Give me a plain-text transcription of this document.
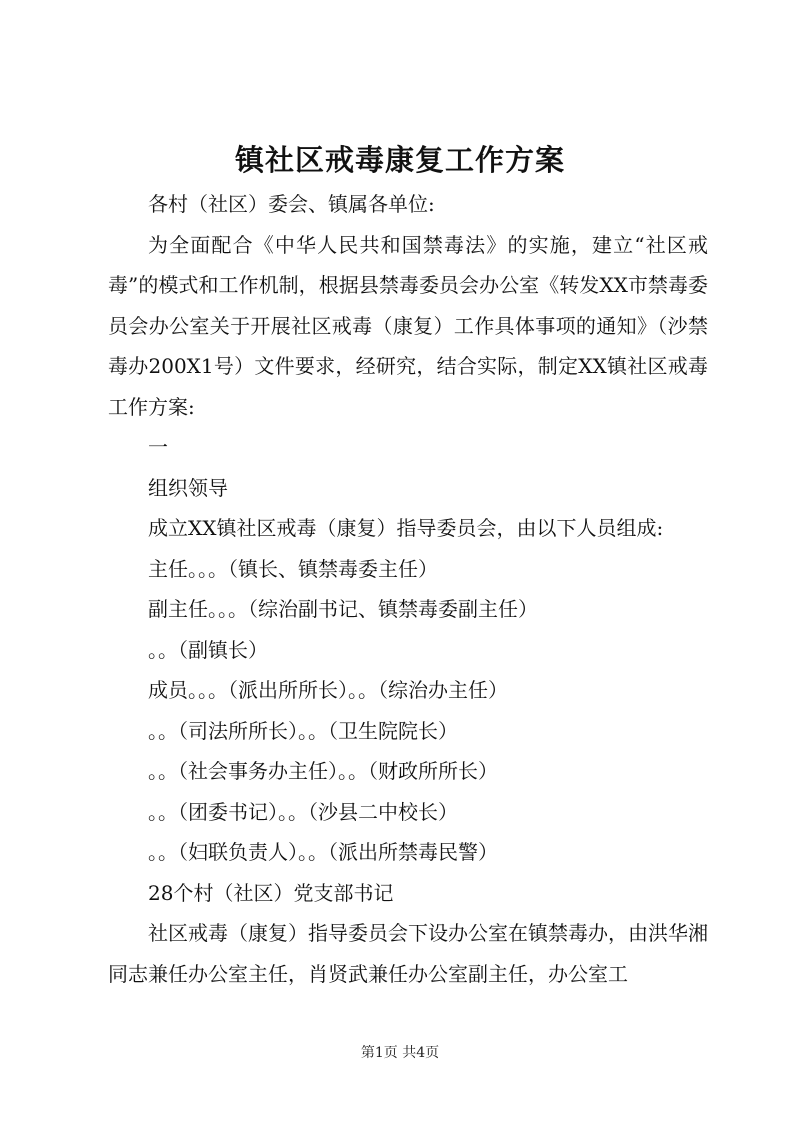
镇社区戒毒康复工作方案

各村（社区）委会、镇属各单位:

为全面配合《中华人民共和国禁毒法》的实施，建立“社区戒毒”的模式和工作机制，根据县禁毒委员会办公室《转发XX市禁毒委员会办公室关于开展社区戒毒（康复）工作具体事项的通知》（沙禁毒办200X1号）文件要求，经研究，结合实际，制定XX镇社区戒毒工作方案:

一

组织领导

成立XX镇社区戒毒（康复）指导委员会，由以下人员组成:

主任。。。（镇长、镇禁毒委主任）

副主任。。。（综治副书记、镇禁毒委副主任）

。。（副镇长）

成员。。。（派出所所长）。。（综治办主任）

。。（司法所所长）。。（卫生院院长）

。。（社会事务办主任）。。（财政所所长）

。。（团委书记）。。（沙县二中校长）

。。（妇联负责人）。。（派出所禁毒民警）

28个村（社区）党支部书记

社区戒毒（康复）指导委员会下设办公室在镇禁毒办，由洪华湘同志兼任办公室主任，肖贤武兼任办公室副主任，办公室工

第1页 共4页
